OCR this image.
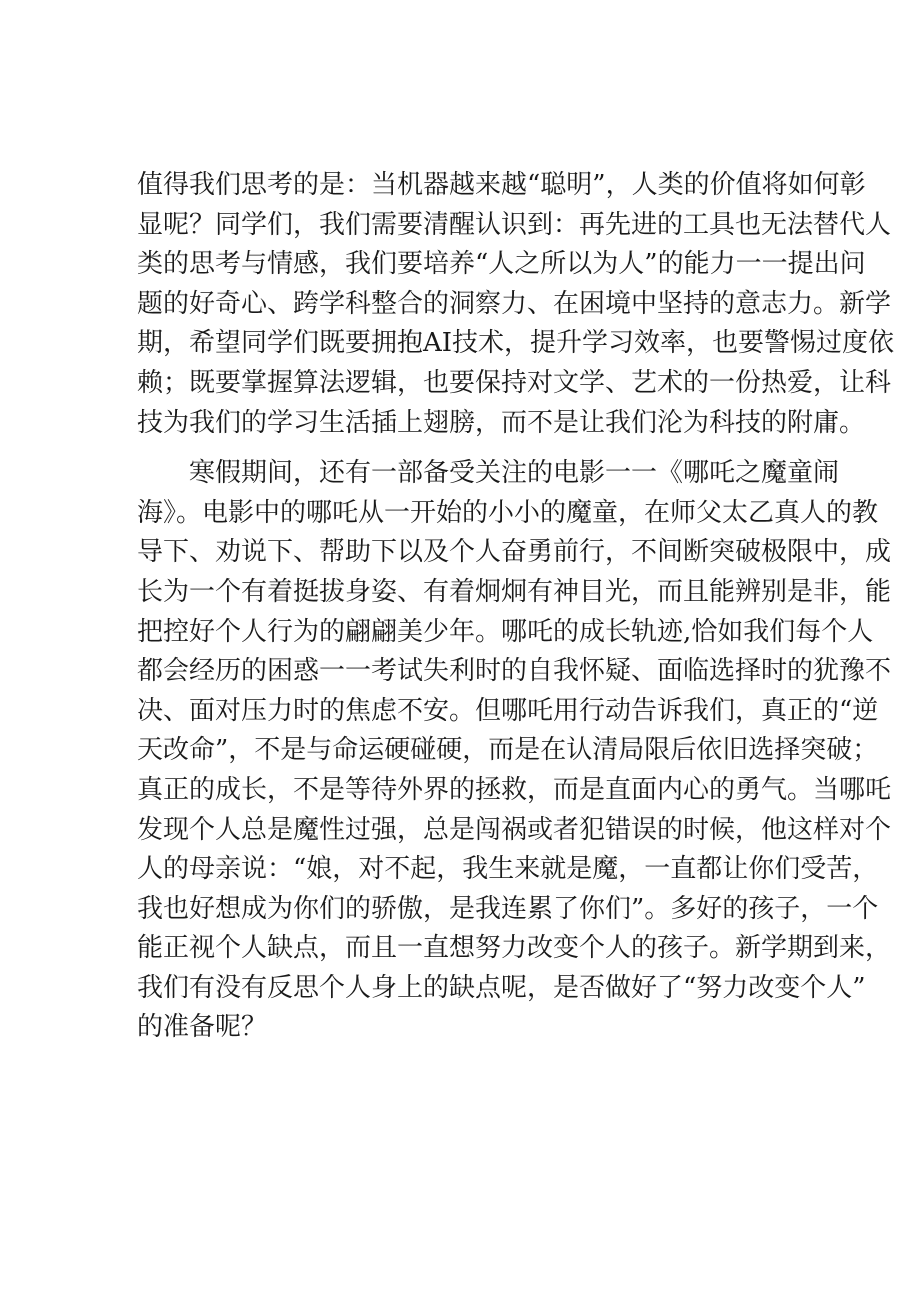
值得我们思考的是：当机器越来越“聪明”，人类的价值将如何彰
显呢？同学们，我们需要清醒认识到：再先进的工具也无法替代人
类的思考与情感，我们要培养“人之所以为人”的能力一一提出问
题的好奇心、跨学科整合的洞察力、在困境中坚持的意志力。新学
期，希望同学们既要拥抱AI技术，提升学习效率，也要警惕过度依
赖；既要掌握算法逻辑，也要保持对文学、艺术的一份热爱，让科
技为我们的学习生活插上翅膀，而不是让我们沦为科技的附庸。
　　寒假期间，还有一部备受关注的电影一一《哪吒之魔童闹
海》。电影中的哪吒从一开始的小小的魔童，在师父太乙真人的教
导下、劝说下、帮助下以及个人奋勇前行，不间断突破极限中，成
长为一个有着挺拔身姿、有着炯炯有神目光，而且能辨别是非，能
把控好个人行为的翩翩美少年。哪吒的成长轨迹,恰如我们每个人
都会经历的困惑一一考试失利时的自我怀疑、面临选择时的犹豫不
决、面对压力时的焦虑不安。但哪吒用行动告诉我们，真正的“逆
天改命”，不是与命运硬碰硬，而是在认清局限后依旧选择突破；
真正的成长，不是等待外界的拯救，而是直面内心的勇气。当哪吒
发现个人总是魔性过强，总是闯祸或者犯错误的时候，他这样对个
人的母亲说：“娘，对不起，我生来就是魔，一直都让你们受苦，
我也好想成为你们的骄傲，是我连累了你们”。多好的孩子，一个
能正视个人缺点，而且一直想努力改变个人的孩子。新学期到来，
我们有没有反思个人身上的缺点呢，是否做好了“努力改变个人”
的准备呢？
